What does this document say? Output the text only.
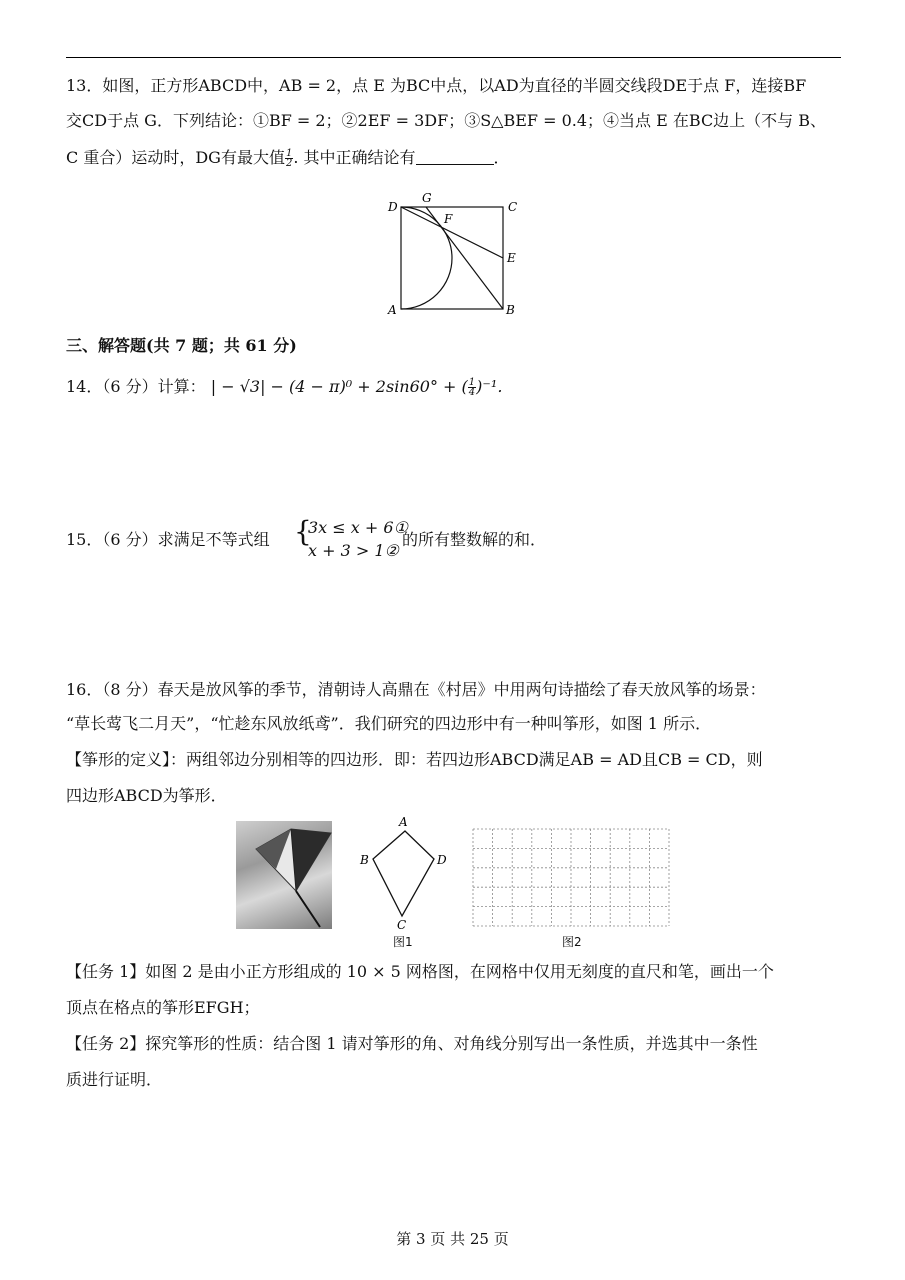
13．如图，正方形ABCD中，AB = 2，点 E 为BC中点，以AD为直径的半圆交线段DE于点 F，连接BF
交CD于点 G．下列结论：①BF = 2；②2EF = 3DF；③S△BEF = 0.4；④当点 E 在BC边上（不与 B、
C 重合）运动时，DG有最大值 $\frac{1}{2}$ . 其中正确结论有	．
D
G
C
F
E
A	B
三、解答题(共 7 题；共 61 分)
14．（6 分）计算： | − √3| − (4 − π)⁰ + 2sin60° + ( $\frac{1}{4} )^{-1}$．
15．（6 分）求满足不等式组 {
3x ≤ x + 6①
x + 3 > 1②
的所有整数解的和．
16．（8 分）春天是放风筝的季节，清朝诗人高鼎在《村居》中用两句诗描绘了春天放风筝的场景：
“草长莺飞二月天”，“忙趁东风放纸鸢”．我们研究的四边形中有一种叫筝形，如图 1 所示．
【筝形的定义】：两组邻边分别相等的四边形．即：若四边形ABCD满足AB = AD且CB = CD，则
四边形ABCD为筝形．
A
B	D
C
图1	图2
【任务 1】如图 2 是由小正方形组成的 10 × 5 网格图，在网格中仅用无刻度的直尺和笔，画出一个
顶点在格点的筝形EFGH；
【任务 2】探究筝形的性质：结合图 1 请对筝形的角、对角线分别写出一条性质，并选其中一条性
质进行证明．
第 3 页 共 25 页
